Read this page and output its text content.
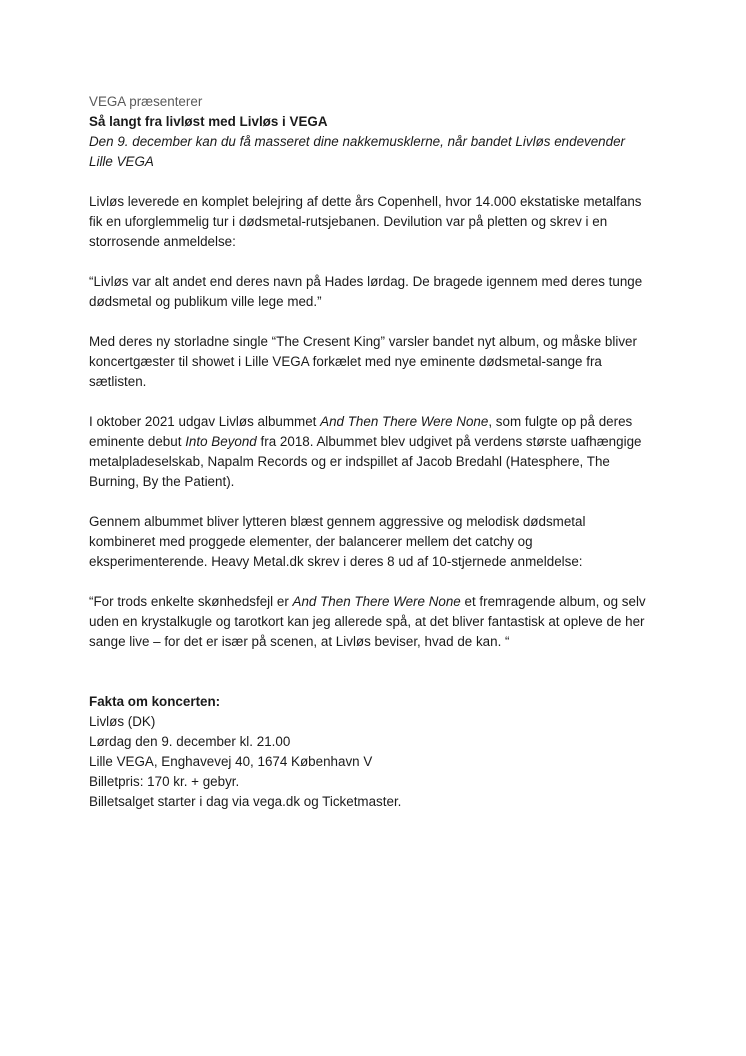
VEGA præsenterer

Så langt fra livløst med Livløs i VEGA

Den 9. december kan du få masseret dine nakkemusklerne, når bandet Livløs endevender Lille VEGA

Livløs leverede en komplet belejring af dette års Copenhell, hvor 14.000 ekstatiske metalfans fik en uforglemmelig tur i dødsmetal-rutsjebanen. Devilution var på pletten og skrev i en storrosende anmeldelse:

“Livløs var alt andet end deres navn på Hades lørdag. De bragede igennem med deres tunge dødsmetal og publikum ville lege med.”

Med deres ny storladne single “The Cresent King” varsler bandet nyt album, og måske bliver koncertgæster til showet i Lille VEGA forkælet med nye eminente dødsmetal-sange fra sætlisten.

I oktober 2021 udgav Livløs albummet And Then There Were None, som fulgte op på deres eminente debut Into Beyond fra 2018. Albummet blev udgivet på verdens største uafhængige metalpladeselskab, Napalm Records og er indspillet af Jacob Bredahl (Hatesphere, The Burning, By the Patient).

Gennem albummet bliver lytteren blæst gennem aggressive og melodisk dødsmetal kombineret med proggede elementer, der balancerer mellem det catchy og eksperimenterende. Heavy Metal.dk skrev i deres 8 ud af 10-stjernede anmeldelse:

“For trods enkelte skønhedsfejl er And Then There Were None et fremragende album, og selv uden en krystalkugle og tarotkort kan jeg allerede spå, at det bliver fantastisk at opleve de her sange live – for det er især på scenen, at Livløs beviser, hvad de kan. “

Fakta om koncerten:

Livløs (DK)

Lørdag den 9. december kl. 21.00

Lille VEGA, Enghavevej 40, 1674 København V

Billetpris: 170 kr. + gebyr.

Billetsalget starter i dag via vega.dk og Ticketmaster.
